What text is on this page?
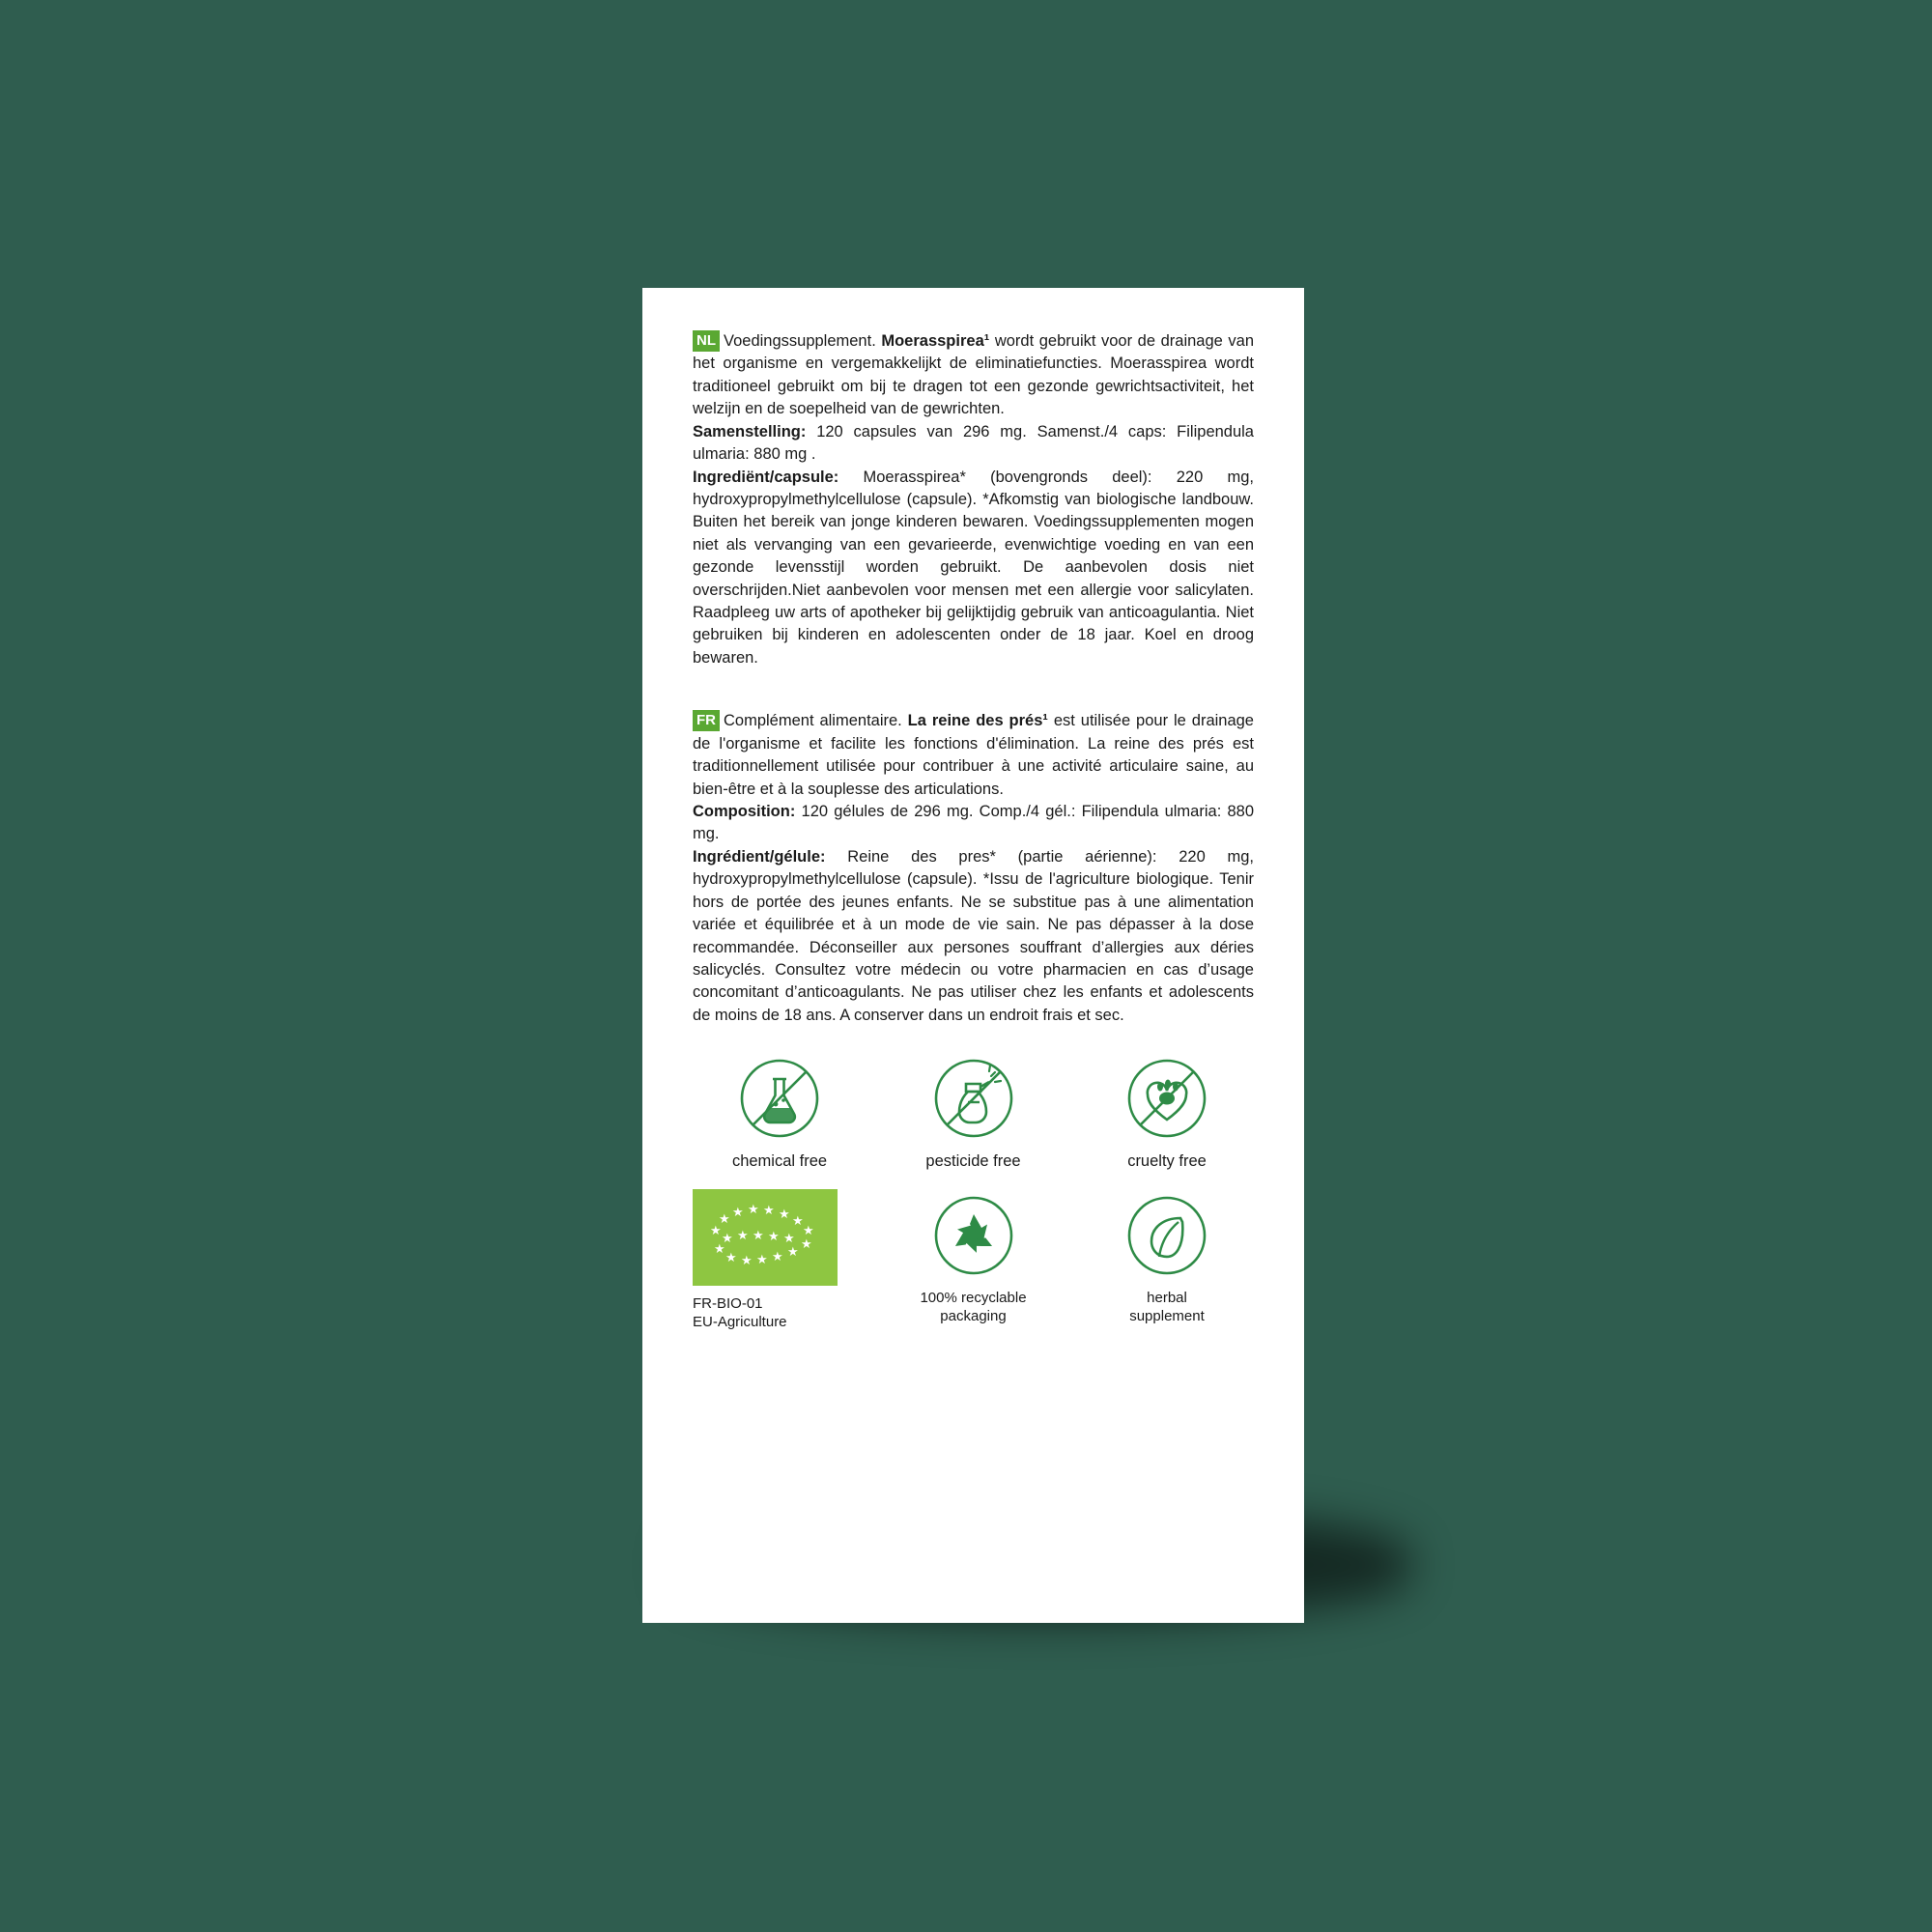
NL Voedingssupplement. Moerasspirea¹ wordt gebruikt voor de drainage van het organisme en vergemakkelijkt de eliminatiefuncties. Moerasspirea wordt traditioneel gebruikt om bij te dragen tot een gezonde gewrichtsactiviteit, het welzijn en de soepelheid van de gewrichten.

Samenstelling: 120 capsules van 296 mg. Samenst./4 caps: Filipendula ulmaria: 880 mg .

Ingrediënt/capsule: Moerasspirea* (bovengronds deel): 220 mg, hydroxypropylmethylcellulose (capsule). *Afkomstig van biologische landbouw. Buiten het bereik van jonge kinderen bewaren. Voedingssupplementen mogen niet als vervanging van een gevarieerde, evenwichtige voeding en van een gezonde levensstijl worden gebruikt. De aanbevolen dosis niet overschrijden.Niet aanbevolen voor mensen met een allergie voor salicylaten. Raadpleeg uw arts of apotheker bij gelijktijdig gebruik van anticoagulantia. Niet gebruiken bij kinderen en adolescenten onder de 18 jaar. Koel en droog bewaren.

FR Complément alimentaire. La reine des prés¹ est utilisée pour le drainage de l'organisme et facilite les fonctions d'élimination. La reine des prés est traditionnellement utilisée pour contribuer à une activité articulaire saine, au bien-être et à la souplesse des articulations.

Composition: 120 gélules de 296 mg. Comp./4 gél.: Filipendula ulmaria: 880 mg.

Ingrédient/gélule: Reine des pres* (partie aérienne): 220 mg, hydroxypropylmethylcellulose (capsule). *Issu de l'agriculture biologique. Tenir hors de portée des jeunes enfants. Ne se substitue pas à une alimentation variée et équilibrée et à un mode de vie sain. Ne pas dépasser à la dose recommandée. Déconseiller aux persones souffrant d’allergies aux déries salicyclés. Consultez votre médecin ou votre pharmacien en cas d’usage concomitant d’anticoagulants. Ne pas utiliser chez les enfants et adolescents de moins de 18 ans. A conserver dans un endroit frais et sec.

chemical free	pesticide free	cruelty free
★
★ ★ ★ ★ ★ ★
★
★
★
★
★
★
★
★
★ ★ ★ ★ ★
FR-BIO-01
EU-Agriculture
100% recyclable
packaging
herbal
supplement
